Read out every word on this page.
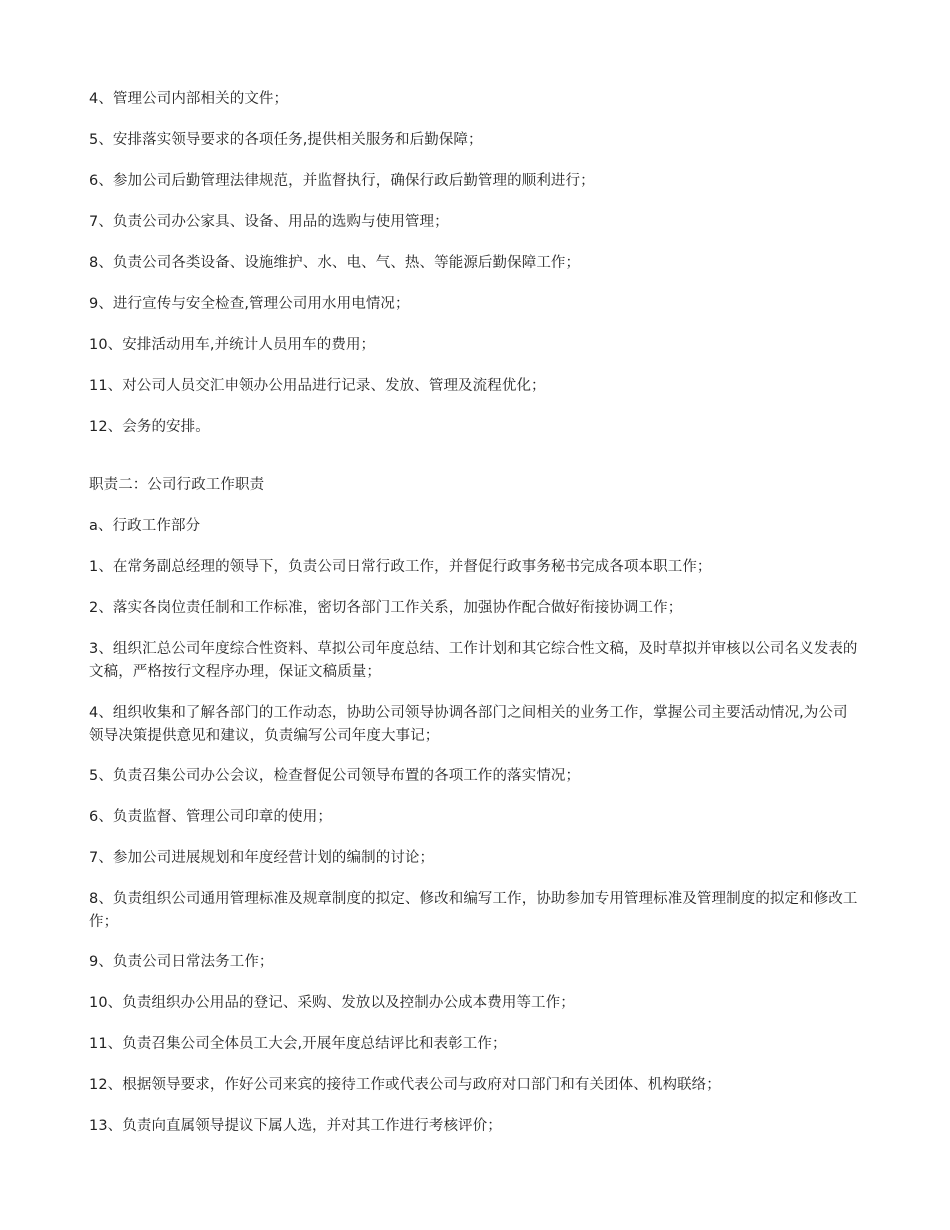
4、管理公司内部相关的文件；
5、安排落实领导要求的各项任务,提供相关服务和后勤保障；
6、参加公司后勤管理法律规范，并监督执行，确保行政后勤管理的顺利进行；
7、负责公司办公家具、设备、用品的选购与使用管理；
8、负责公司各类设备、设施维护、水、电、气、热、等能源后勤保障工作；
9、进行宣传与安全检查,管理公司用水用电情况；
10、安排活动用车,并统计人员用车的费用；
11、对公司人员交汇申领办公用品进行记录、发放、管理及流程优化；
12、会务的安排。
职责二：公司行政工作职责
a、行政工作部分
1、在常务副总经理的领导下，负责公司日常行政工作，并督促行政事务秘书完成各项本职工作；
2、落实各岗位责任制和工作标准，密切各部门工作关系，加强协作配合做好衔接协调工作；
3、组织汇总公司年度综合性资料、草拟公司年度总结、工作计划和其它综合性文稿，及时草拟并审核以公司名义发表的文稿，严格按行文程序办理，保证文稿质量；
4、组织收集和了解各部门的工作动态，协助公司领导协调各部门之间相关的业务工作，掌握公司主要活动情况,为公司领导决策提供意见和建议，负责编写公司年度大事记；
5、负责召集公司办公会议，检查督促公司领导布置的各项工作的落实情况；
6、负责监督、管理公司印章的使用；
7、参加公司进展规划和年度经营计划的编制的讨论；
8、负责组织公司通用管理标准及规章制度的拟定、修改和编写工作，协助参加专用管理标准及管理制度的拟定和修改工作；
9、负责公司日常法务工作；
10、负责组织办公用品的登记、采购、发放以及控制办公成本费用等工作；
11、负责召集公司全体员工大会,开展年度总结评比和表彰工作；
12、根据领导要求，作好公司来宾的接待工作或代表公司与政府对口部门和有关团体、机构联络；
13、负责向直属领导提议下属人选，并对其工作进行考核评价；
